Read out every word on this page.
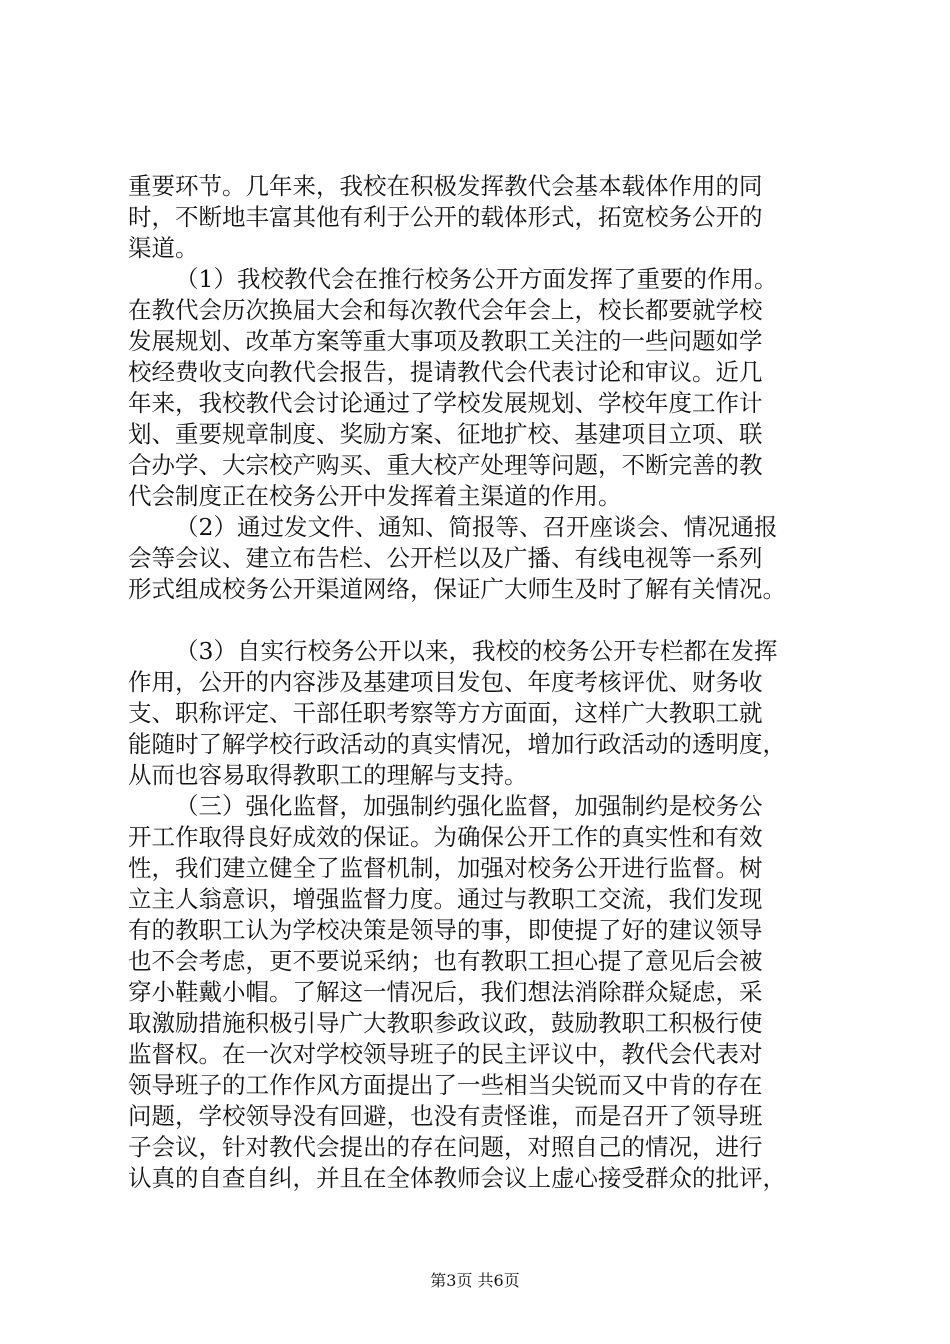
重要环节。几年来，我校在积极发挥教代会基本载体作用的同
时，不断地丰富其他有利于公开的载体形式，拓宽校务公开的
渠道。
（1）我校教代会在推行校务公开方面发挥了重要的作用。
在教代会历次换届大会和每次教代会年会上，校长都要就学校
发展规划、改革方案等重大事项及教职工关注的一些问题如学
校经费收支向教代会报告，提请教代会代表讨论和审议。近几
年来，我校教代会讨论通过了学校发展规划、学校年度工作计
划、重要规章制度、奖励方案、征地扩校、基建项目立项、联
合办学、大宗校产购买、重大校产处理等问题，不断完善的教
代会制度正在校务公开中发挥着主渠道的作用。
（2）通过发文件、通知、简报等、召开座谈会、情况通报
会等会议、建立布告栏、公开栏以及广播、有线电视等一系列
形式组成校务公开渠道网络，保证广大师生及时了解有关情况。
（3）自实行校务公开以来，我校的校务公开专栏都在发挥
作用，公开的内容涉及基建项目发包、年度考核评优、财务收
支、职称评定、干部任职考察等方方面面，这样广大教职工就
能随时了解学校行政活动的真实情况，增加行政活动的透明度，
从而也容易取得教职工的理解与支持。
（三）强化监督，加强制约强化监督，加强制约是校务公
开工作取得良好成效的保证。为确保公开工作的真实性和有效
性，我们建立健全了监督机制，加强对校务公开进行监督。树
立主人翁意识，增强监督力度。通过与教职工交流，我们发现
有的教职工认为学校决策是领导的事，即使提了好的建议领导
也不会考虑，更不要说采纳；也有教职工担心提了意见后会被
穿小鞋戴小帽。了解这一情况后，我们想法消除群众疑虑，采
取激励措施积极引导广大教职参政议政，鼓励教职工积极行使
监督权。在一次对学校领导班子的民主评议中，教代会代表对
领导班子的工作作风方面提出了一些相当尖锐而又中肯的存在
问题，学校领导没有回避，也没有责怪谁，而是召开了领导班
子会议，针对教代会提出的存在问题，对照自己的情况，进行
认真的自查自纠，并且在全体教师会议上虚心接受群众的批评，
第3页 共6页
